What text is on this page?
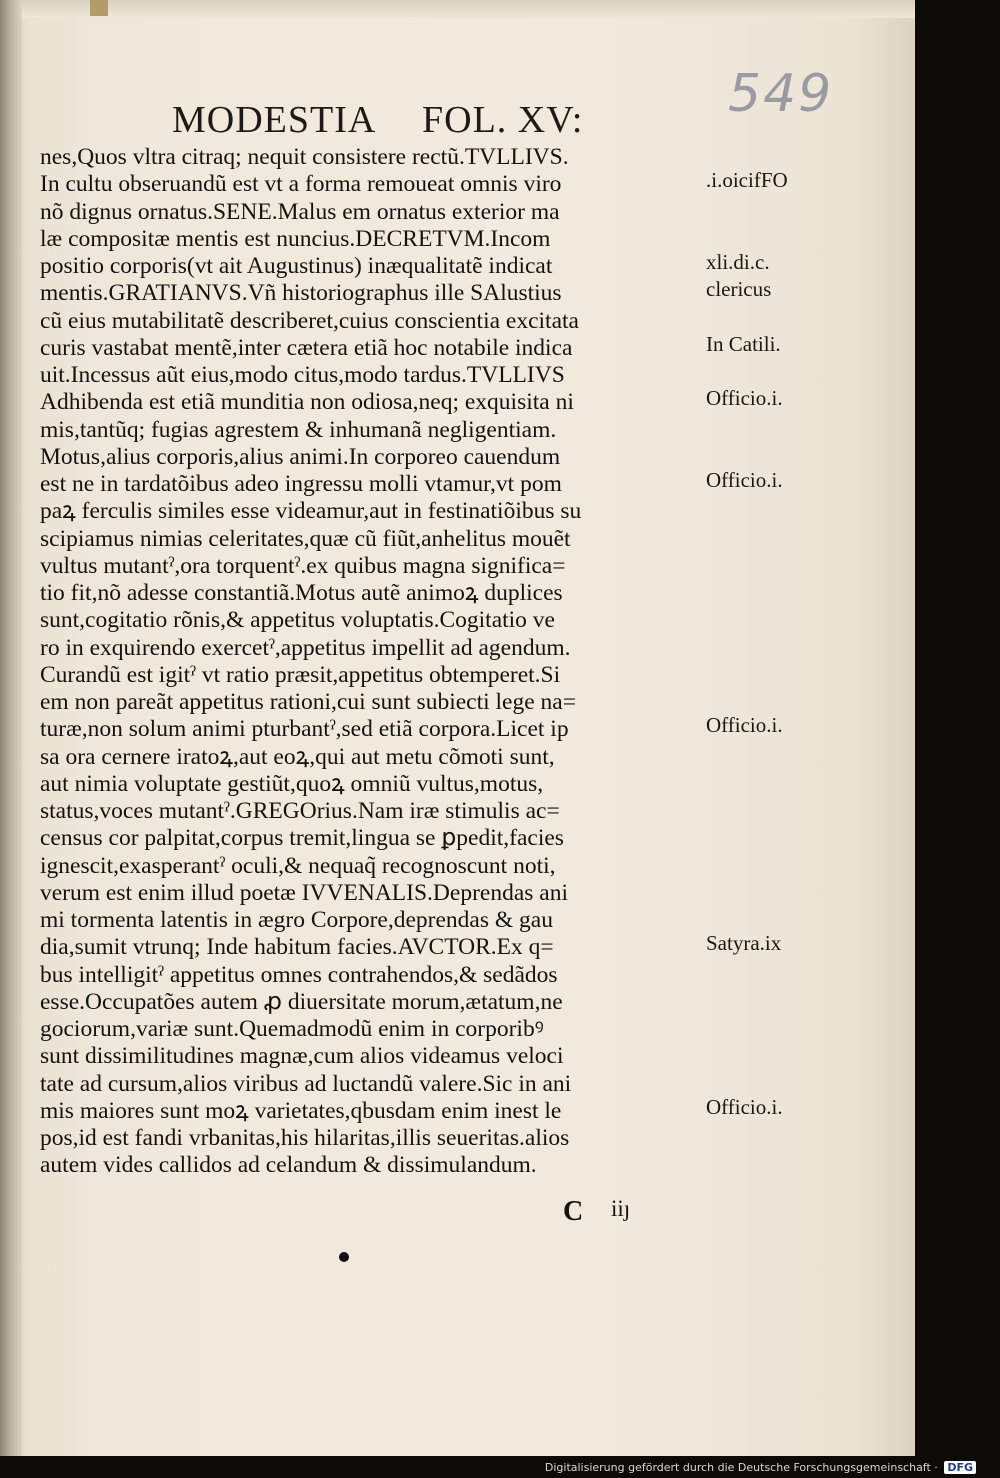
MODESTIA FOL. XV:	549
nes,Quos vltra citraq; nequit consistere rectũ.TVLLIVS.
In cultu obseruandũ est vt a forma remoueat omnis viro
nõ dignus ornatus.SENE.Malus em ornatus exterior ma
læ compositæ mentis est nuncius.DECRETVM.Incom
positio corporis(vt ait Augustinus) inæqualitatẽ indicat
mentis.GRATIANVS.Vñ historiographus ille SAlustius
cũ eius mutabilitatẽ describeret,cuius conscientia excitata
curis vastabat mentẽ,inter cætera etiã hoc notabile indica
uit.Incessus aũt eius,modo citus,modo tardus.TVLLIVS
Adhibenda est etiã munditia non odiosa,neq; exquisita ni
mis,tantũq; fugias agrestem & inhumanã negligentiam.
Motus,alius corporis,alius animi.In corporeo cauendum
est ne in tardatõibus adeo ingressu molli vtamur,vt pom
paꝝ ferculis similes esse videamur,aut in festinatiõibus su
scipiamus nimias celeritates,quæ cũ fiũt,anhelitus mouẽt
vultus mutantˀ,ora torquentˀ.ex quibus magna significa=
tio fit,nõ adesse constantiã.Motus autẽ animoꝝ duplices
sunt,cogitatio rõnis,& appetitus voluptatis.Cogitatio ve
ro in exquirendo exercetˀ,appetitus impellit ad agendum.
Curandũ est igitˀ vt ratio præsit,appetitus obtemperet.Si
em non pareãt appetitus rationi,cui sunt subiecti lege na=
turæ,non solum animi pturbantˀ,sed etiã corpora.Licet ip
sa ora cernere iratoꝝ,aut eoꝝ,qui aut metu cõmoti sunt,
aut nimia voluptate gestiũt,quoꝝ omniũ vultus,motus,
status,voces mutantˀ.GREGOrius.Nam iræ stimulis ac=
census cor palpitat,corpus tremit,lingua se ꝑpedit,facies
ignescit,exasperantˀ oculi,& nequaq̃ recognoscunt noti,
verum est enim illud poetæ IVVENALIS.Deprendas ani
mi tormenta latentis in ægro Corpore,deprendas & gau
dia,sumit vtrunq; Inde habitum facies.AVCTOR.Ex q=
bus intelligitˀ appetitus omnes contrahendos,& sedãdos
esse.Occupatões autem ꝓ diuersitate morum,ætatum,ne
gociorum,variæ sunt.Quemadmodũ enim in corporibꝰ
sunt dissimilitudines magnæ,cum alios videamus veloci
tate ad cursum,alios viribus ad luctandũ valere.Sic in ani
mis maiores sunt moꝝ varietates,qbusdam enim inest le
pos,id est fandi vrbanitas,his hilaritas,illis seueritas.alios
autem vides callidos ad celandum & dissimulandum.
.i.oicifFO
xli.di.c.
clericus
In Catili.
Officio.i.
Officio.i.
Officio.i.
Satyra.ix
Officio.i.
C iiȷ
Digitalisierung gefördert durch die Deutsche Forschungsgemeinschaft · DFG
